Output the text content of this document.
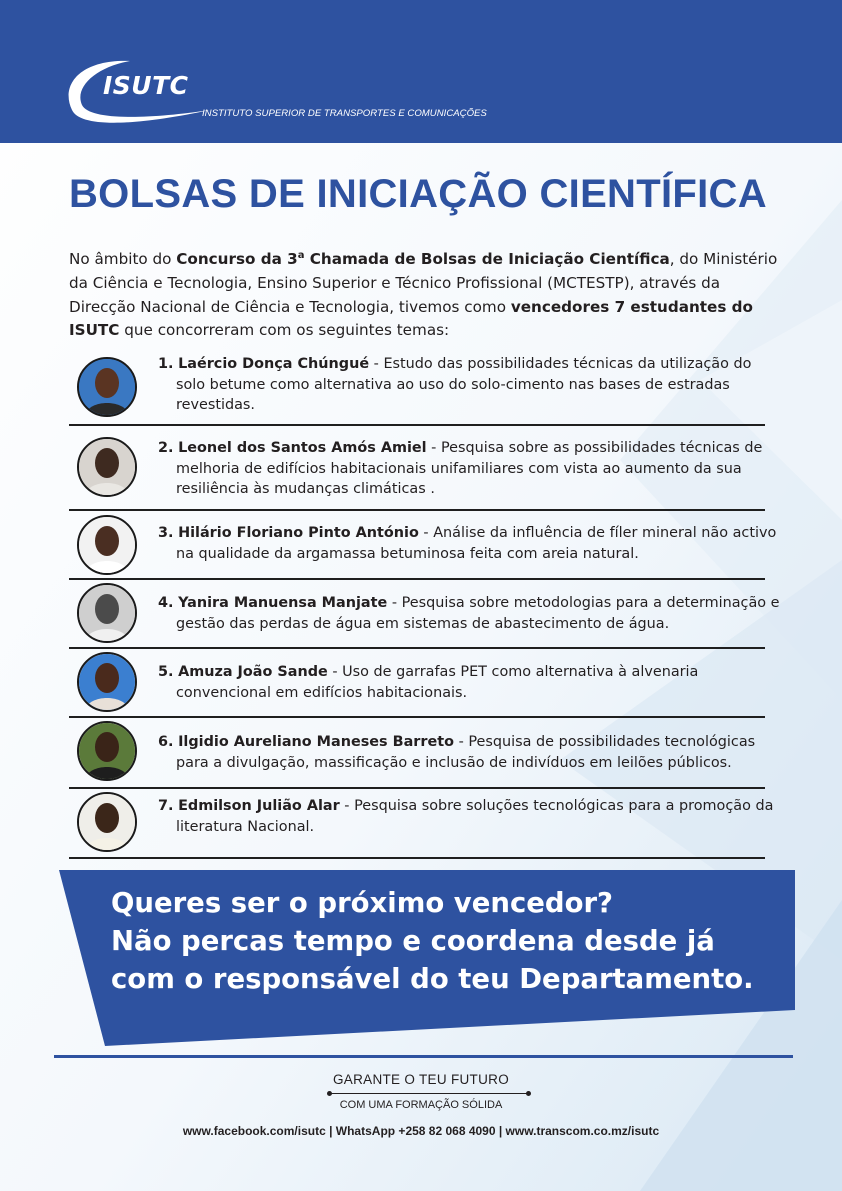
ISUTC
INSTITUTO SUPERIOR DE TRANSPORTES E COMUNICAÇÕES
BOLSAS DE INICIAÇÃO CIENTÍFICA

No âmbito do Concurso da 3$^a$ Chamada de Bolsas de Iniciação Científica, do Ministério da Ciência e Tecnologia, Ensino Superior e Técnico Profissional (MCTESTP), através da Direcção Nacional de Ciência e Tecnologia, tivemos como vencedores 7 estudantes do ISUTC que concorreram com os seguintes temas:

1. Laércio Donça Chúngué - Estudo das possibilidades técnicas da utilização do solo betume como alternativa ao uso do solo-cimento nas bases de estradas revestidas.
2. Leonel dos Santos Amós Amiel - Pesquisa sobre as possibilidades técnicas de melhoria de edifícios habitacionais unifamiliares com vista ao aumento da sua resiliência às mudanças climáticas .
3. Hilário Floriano Pinto António - Análise da influência de fíler mineral não activo na qualidade da argamassa betuminosa feita com areia natural.
4. Yanira Manuensa Manjate - Pesquisa sobre metodologias para a determinação e gestão das perdas de água em sistemas de abastecimento de água.
5. Amuza João Sande - Uso de garrafas PET como alternativa à alvenaria convencional em edifícios habitacionais.
6. Ilgidio Aureliano Maneses Barreto - Pesquisa de possibilidades tecnológicas para a divulgação, massificação e inclusão de indivíduos em leilões públicos.
7. Edmilson Julião Alar - Pesquisa sobre soluções tecnológicas para a promoção da literatura Nacional.
Queres ser o próximo vencedor?
Não percas tempo e coordena desde já
com o responsável do teu Departamento.
GARANTE O TEU FUTURO
COM UMA FORMAÇÃO SÓLIDA
www.facebook.com/isutc | WhatsApp +258 82 068 4090 | www.transcom.co.mz/isutc
